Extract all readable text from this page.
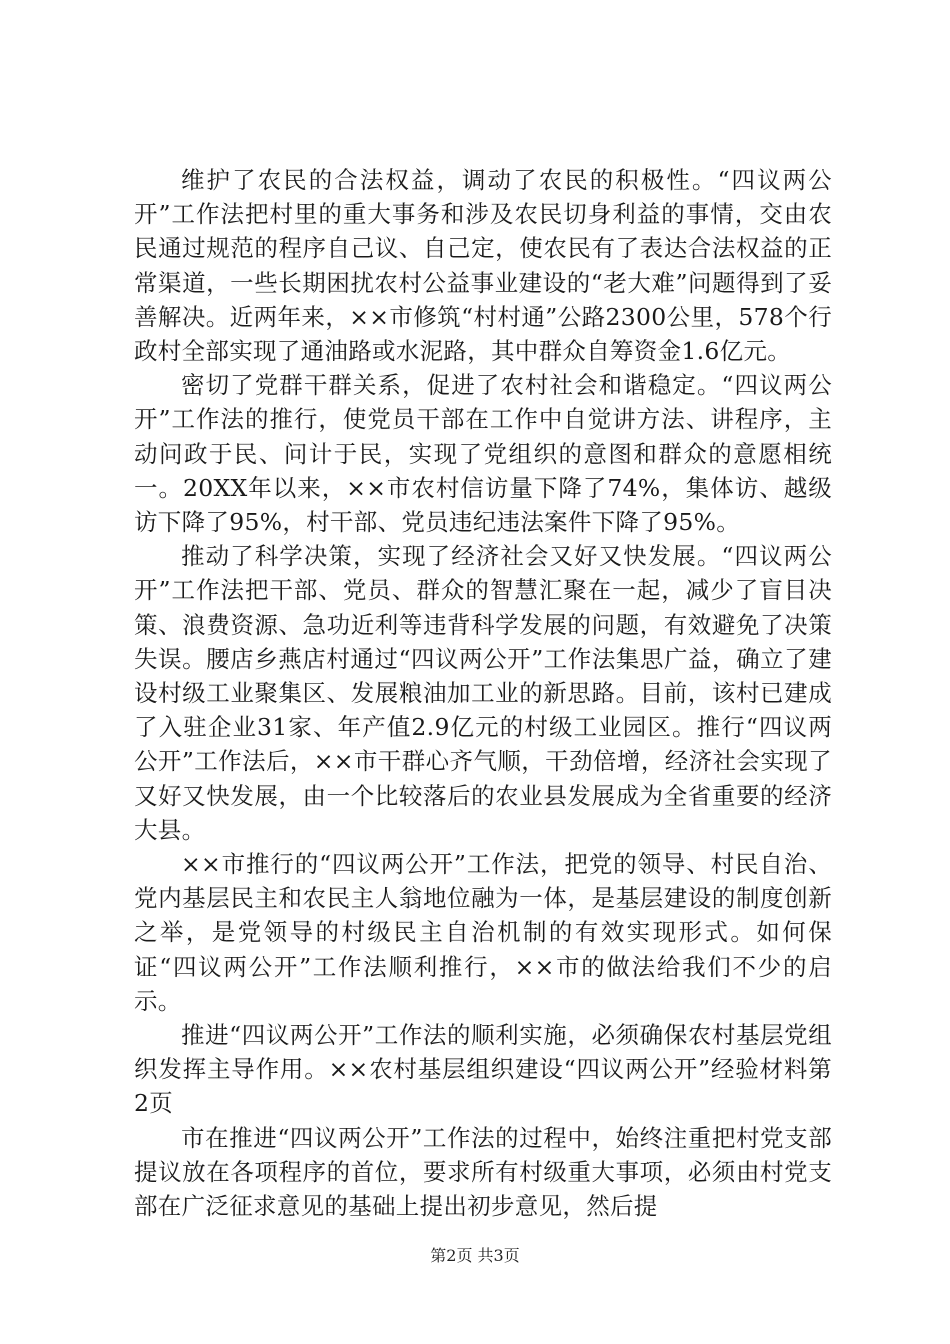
维护了农民的合法权益，调动了农民的积极性。“四议两公开”工作法把村里的重大事务和涉及农民切身利益的事情，交由农民通过规范的程序自己议、自己定，使农民有了表达合法权益的正常渠道，一些长期困扰农村公益事业建设的“老大难”问题得到了妥善解决。近两年来，××市修筑“村村通”公路2300公里，578个行政村全部实现了通油路或水泥路，其中群众自筹资金1.6亿元。

密切了党群干群关系，促进了农村社会和谐稳定。“四议两公开”工作法的推行，使党员干部在工作中自觉讲方法、讲程序，主动问政于民、问计于民，实现了党组织的意图和群众的意愿相统一。20XX年以来，××市农村信访量下降了74%，集体访、越级访下降了95%，村干部、党员违纪违法案件下降了95%。

推动了科学决策，实现了经济社会又好又快发展。“四议两公开”工作法把干部、党员、群众的智慧汇聚在一起，减少了盲目决策、浪费资源、急功近利等违背科学发展的问题，有效避免了决策失误。腰店乡燕店村通过“四议两公开”工作法集思广益，确立了建设村级工业聚集区、发展粮油加工业的新思路。目前，该村已建成了入驻企业31家、年产值2.9亿元的村级工业园区。推行“四议两公开”工作法后，××市干群心齐气顺，干劲倍增，经济社会实现了又好又快发展，由一个比较落后的农业县发展成为全省重要的经济大县。

××市推行的“四议两公开”工作法，把党的领导、村民自治、党内基层民主和农民主人翁地位融为一体，是基层建设的制度创新之举，是党领导的村级民主自治机制的有效实现形式。如何保证“四议两公开”工作法顺利推行，××市的做法给我们不少的启示。

推进“四议两公开”工作法的顺利实施，必须确保农村基层党组织发挥主导作用。××农村基层组织建设“四议两公开”经验材料第2页

市在推进“四议两公开”工作法的过程中，始终注重把村党支部提议放在各项程序的首位，要求所有村级重大事项，必须由村党支部在广泛征求意见的基础上提出初步意见，然后提

第2页 共3页
